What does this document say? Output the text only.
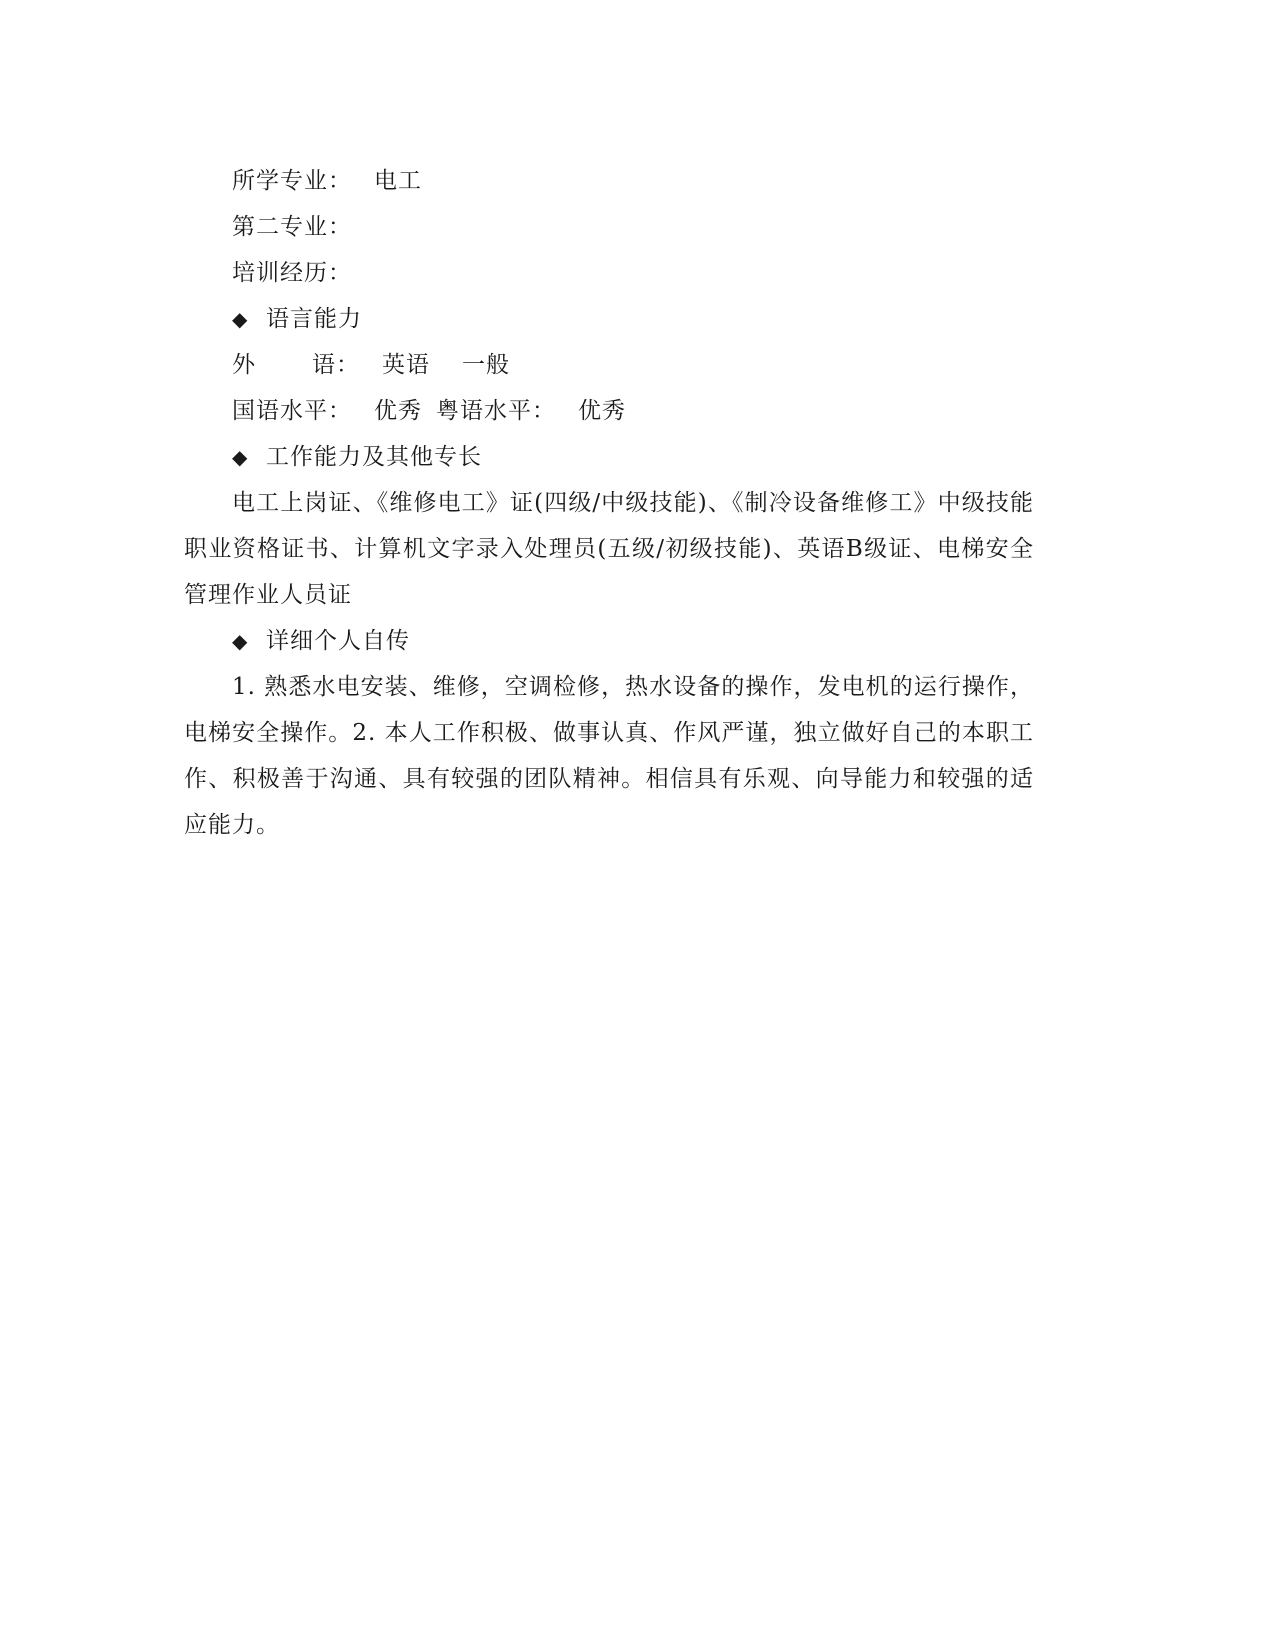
所学专业： 电工

第二专业：

培训经历：

◆ 语言能力

外 语： 英语 一般

国语水平： 优秀 粤语水平： 优秀

◆ 工作能力及其他专长

电工上岗证、《维修电工》证(四级/中级技能)、《制冷设备维修工》中级技能职业资格证书、计算机文字录入处理员(五级/初级技能)、英语B级证、电梯安全管理作业人员证

◆ 详细个人自传

1. 熟悉水电安装、维修，空调检修，热水设备的操作，发电机的运行操作，电梯安全操作。2. 本人工作积极、做事认真、作风严谨，独立做好自己的本职工作、积极善于沟通、具有较强的团队精神。相信具有乐观、向导能力和较强的适应能力。
